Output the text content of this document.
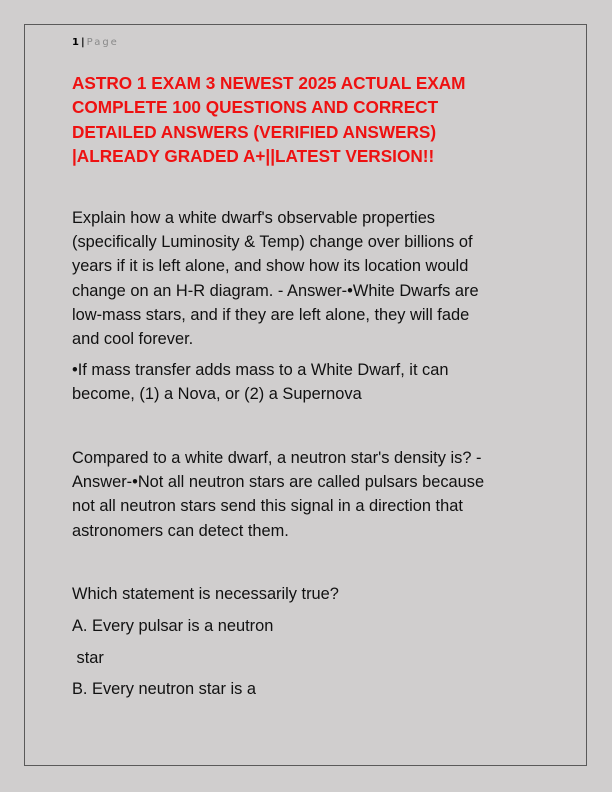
1 | Page
ASTRO 1 EXAM 3 NEWEST 2025 ACTUAL EXAM
COMPLETE 100 QUESTIONS AND CORRECT
DETAILED ANSWERS (VERIFIED ANSWERS)
|ALREADY GRADED A+||LATEST VERSION!!
Explain how a white dwarf's observable properties
(specifically Luminosity & Temp) change over billions of
years if it is left alone, and show how its location would
change on an H-R diagram. - Answer-•White Dwarfs are
low-mass stars, and if they are left alone, they will fade
and cool forever.
•If mass transfer adds mass to a White Dwarf, it can
become, (1) a Nova, or (2) a Supernova
Compared to a white dwarf, a neutron star's density is? -
Answer-•Not all neutron stars are called pulsars because
not all neutron stars send this signal in a direction that
astronomers can detect them.
Which statement is necessarily true?
A. Every pulsar is a neutron
star
B. Every neutron star is a
